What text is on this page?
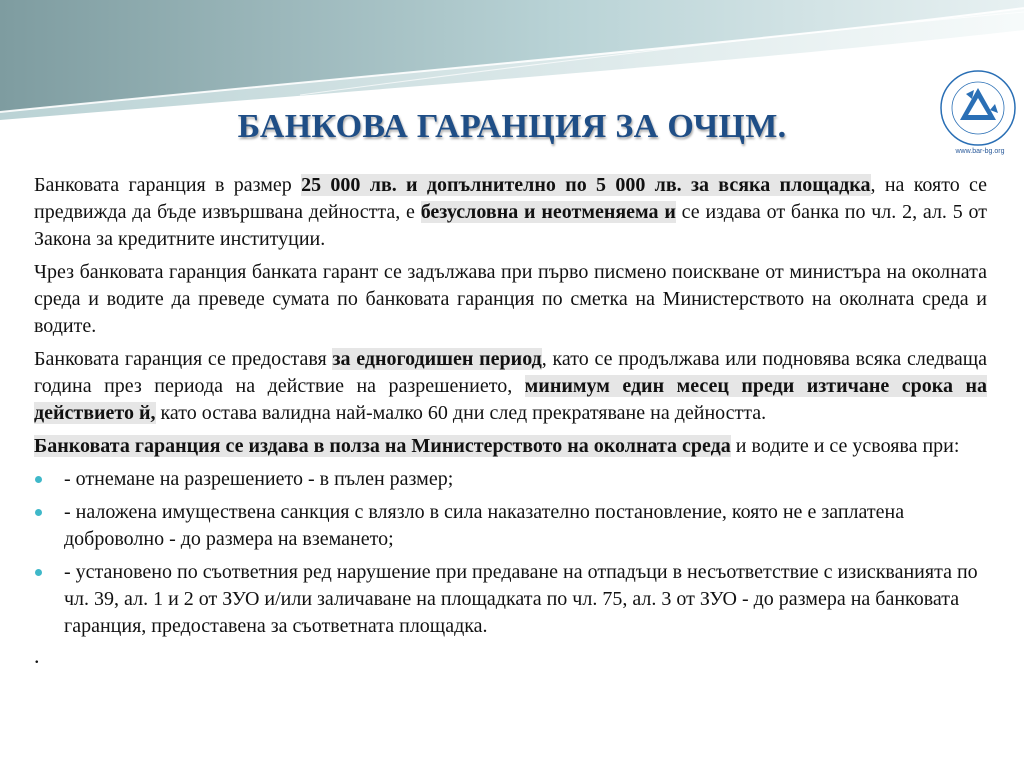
www.bar-bg.org
БАНКОВА ГАРАНЦИЯ ЗА ОЧЦМ.

Банковата гаранция в размер 25 000 лв. и допълнително по 5 000 лв. за всяка площадка, на която се предвижда да бъде извършвана дейността, е безусловна и неотменяема и се издава от банка по чл. 2, ал. 5 от Закона за кредитните институции.

Чрез банковата гаранция банката гарант се задължава при първо писмено поискване от министъра на околната среда и водите да преведе сумата по банковата гаранция по сметка на Министерството на околната среда и водите.

Банковата гаранция се предоставя за едногодишен период, като се продължава или подновява всяка следваща година през периода на действие на разрешението, минимум един месец преди изтичане срока на действието й, като остава валидна най-малко 60 дни след прекратяване на дейността.

Банковата гаранция се издава в полза на Министерството на околната среда и водите и се усвоява при:

- отнемане на разрешението - в пълен размер;
- наложена имуществена санкция с влязло в сила наказателно постановление, която не е заплатена доброволно - до размера на вземането;
- установено по съответния ред нарушение при предаване на отпадъци в несъответствие с изискванията по чл. 39, ал. 1 и 2 от ЗУО и/или заличаване на площадката по чл. 75, ал. 3 от ЗУО - до размера на банковата гаранция, предоставена за съответната площадка.
.
